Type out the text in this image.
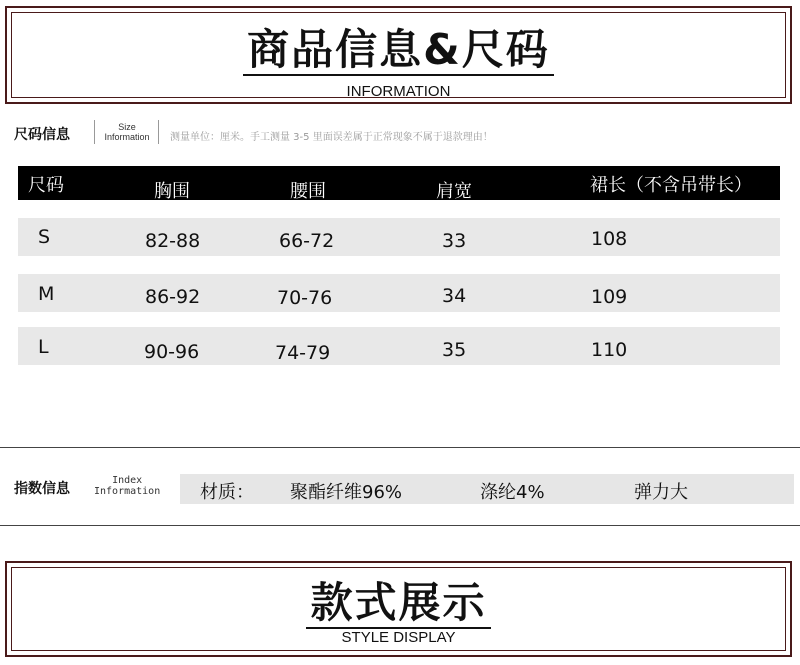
商品信息&尺码
INFORMATION
尺码信息	Size
Information	测量单位：厘米。手工测量 3-5 里面误差属于正常现象不属于退款理由！
尺码	胸围	腰围	肩宽	裙长（不含吊带长）
S	82-88	66-72	33	108
M	86-92	70-76	34	109
L	90-96	74-79	35	110
指数信息
Index
Information 材质： 聚酯纤维96%	涤纶4%	弹力大
款式展示
STYLE DISPLAY
